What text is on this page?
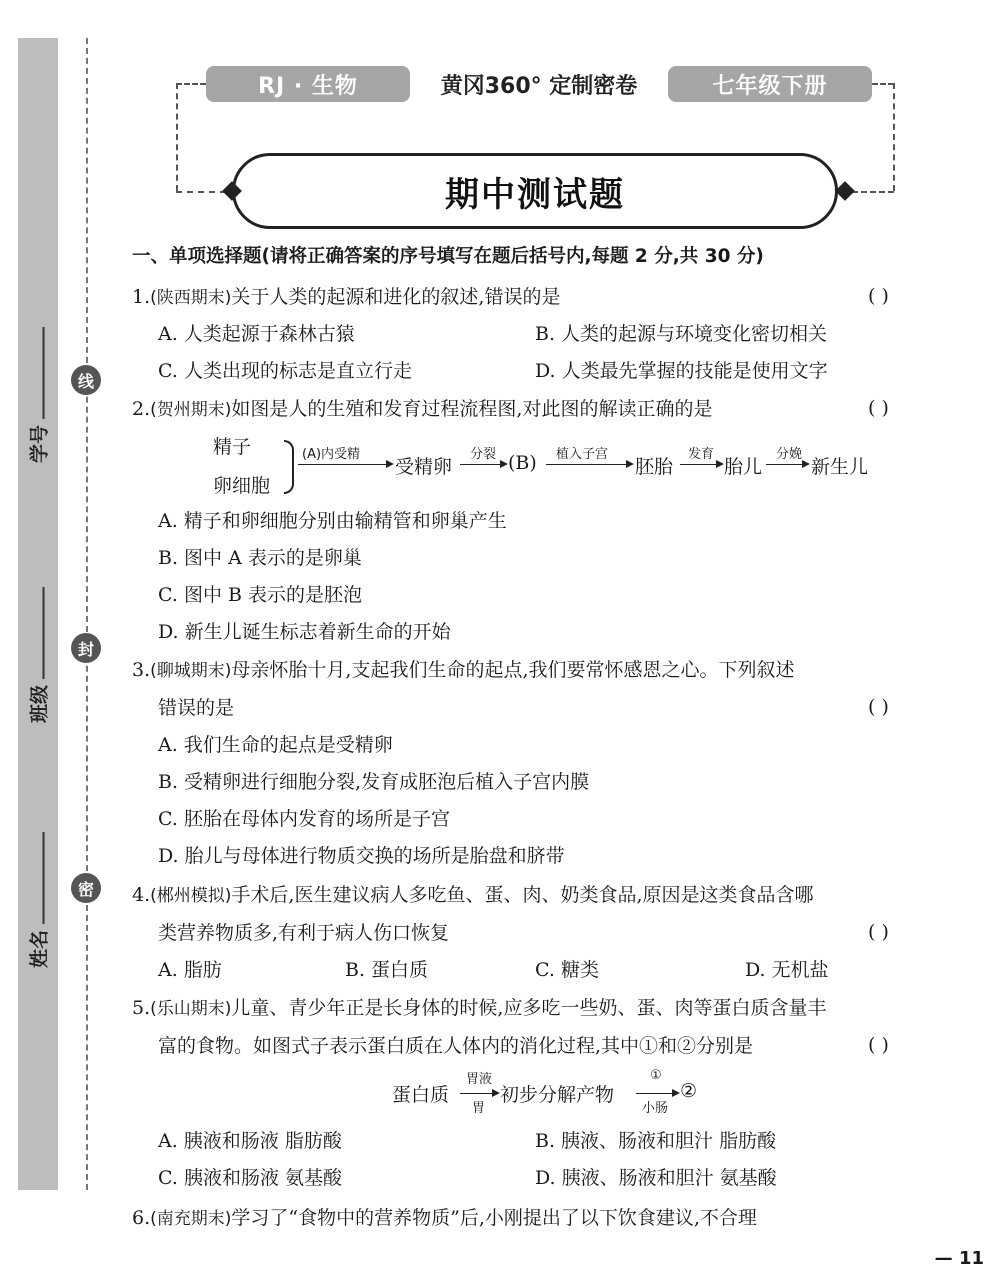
学号
班级
姓名
线
封
密
RJ · 生物	黄冈360° 定制密卷	七年级下册
期中测试题
一、单项选择题(请将正确答案的序号填写在题后括号内,每题 2 分,共 30 分)
1.(陕西期末)关于人类的起源和进化的叙述,错误的是	( )
A. 人类起源于森林古猿	B. 人类的起源与环境变化密切相关
C. 人类出现的标志是直立行走	D. 人类最先掌握的技能是使用文字
2.(贺州期末)如图是人的生殖和发育过程流程图,对此图的解读正确的是	( )
精子
卵细胞
(A)内受精
受精卵
分裂 (B) 植入子宫
胚胎
发育
胎儿
分娩
新生儿
A. 精子和卵细胞分别由输精管和卵巢产生
B. 图中 A 表示的是卵巢
C. 图中 B 表示的是胚泡
D. 新生儿诞生标志着新生命的开始
3.(聊城期末)母亲怀胎十月,支起我们生命的起点,我们要常怀感恩之心。下列叙述
错误的是	( )
A. 我们生命的起点是受精卵
B. 受精卵进行细胞分裂,发育成胚泡后植入子宫内膜
C. 胚胎在母体内发育的场所是子宫
D. 胎儿与母体进行物质交换的场所是胎盘和脐带
4.(郴州模拟)手术后,医生建议病人多吃鱼、蛋、肉、奶类食品,原因是这类食品含哪
类营养物质多,有利于病人伤口恢复	( )
A. 脂肪	B. 蛋白质	C. 糖类	D. 无机盐
5.(乐山期末)儿童、青少年正是长身体的时候,应多吃一些奶、蛋、肉等蛋白质含量丰
富的食物。如图式子表示蛋白质在人体内的消化过程,其中①和②分别是	( )
蛋白质
胃液
胃
初步分解产物
①
小肠
②
A. 胰液和肠液 脂肪酸	B. 胰液、肠液和胆汁 脂肪酸
C. 胰液和肠液 氨基酸	D. 胰液、肠液和胆汁 氨基酸
6.(南充期末)学习了“食物中的营养物质”后,小刚提出了以下饮食建议,不合理
— 11
